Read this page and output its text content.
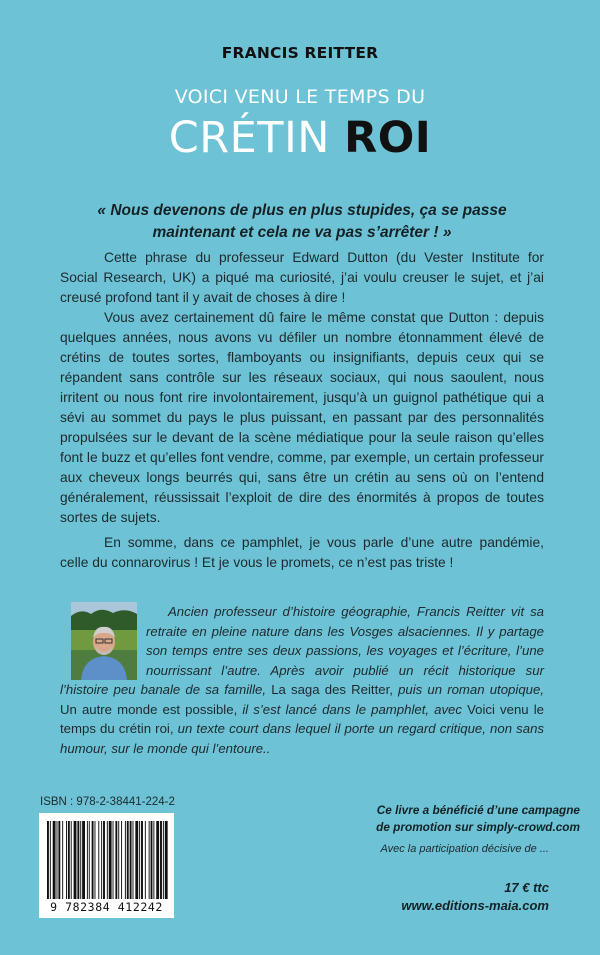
FRANCIS REITTER
VOICI VENU LE TEMPS DU
CRÉTIN ROI
« Nous devenons de plus en plus stupides, ça se passe maintenant et cela ne va pas s’arrêter ! »
Cette phrase du professeur Edward Dutton (du Vester Institute for Social Research, UK) a piqué ma curiosité, j’ai voulu creuser le sujet, et j’ai creusé profond tant il y avait de choses à dire !
Vous avez certainement dû faire le même constat que Dutton : depuis quelques années, nous avons vu défiler un nombre étonnamment élevé de crétins de toutes sortes, flamboyants ou insignifiants, depuis ceux qui se répandent sans contrôle sur les réseaux sociaux, qui nous saoulent, nous irritent ou nous font rire involontairement, jusqu’à un guignol pathétique qui a sévi au sommet du pays le plus puissant, en passant par des personnalités propulsées sur le devant de la scène médiatique pour la seule raison qu’elles font le buzz et qu’elles font vendre, comme, par exemple, un certain professeur aux cheveux longs beurrés qui, sans être un crétin au sens où on l’entend généralement, réussissait l’exploit de dire des énormités à propos de toutes sortes de sujets.
En somme, dans ce pamphlet, je vous parle d’une autre pandémie, celle du connarovirus ! Et je vous le promets, ce n’est pas triste !
Ancien professeur d’histoire géographie, Francis Reitter vit sa retraite en pleine nature dans les Vosges alsaciennes. Il y partage son temps entre ses deux passions, les voyages et l’écriture, l’une nourrissant l’autre. Après avoir publié un récit historique sur l’histoire peu banale de sa famille, La saga des Reitter, puis un roman utopique, Un autre monde est possible, il s’est lancé dans le pamphlet, avec Voici venu le temps du crétin roi, un texte court dans lequel il porte un regard critique, non sans humour, sur le monde qui l’entoure..
ISBN : 978-2-38441-224-2
9 782384 412242
Ce livre a bénéficié d’une campagne
de promotion sur simply-crowd.com
Avec la participation décisive de ...
17 € ttc
www.editions-maia.com
